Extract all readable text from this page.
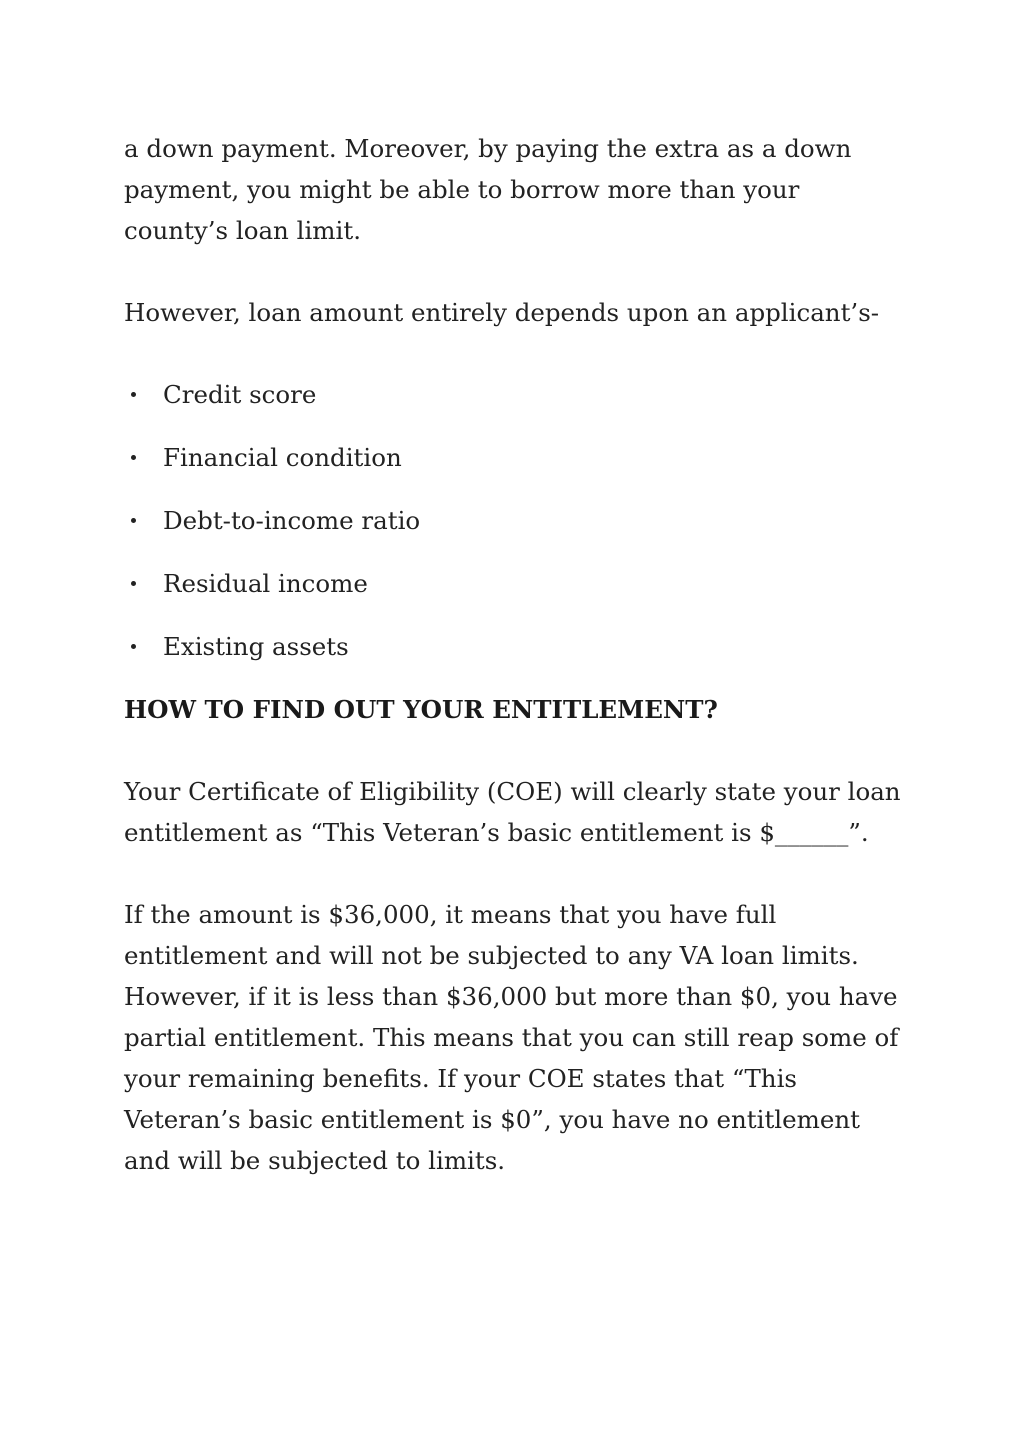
a down payment. Moreover, by paying the extra as a down payment, you might be able to borrow more than your county’s loan limit.

However, loan amount entirely depends upon an applicant’s-

Credit score
Financial condition
Debt-to-income ratio
Residual income
Existing assets
HOW TO FIND OUT YOUR ENTITLEMENT?

Your Certificate of Eligibility (COE) will clearly state your loan entitlement as “This Veteran’s basic entitlement is $______”.

If the amount is $36,000, it means that you have full entitlement and will not be subjected to any VA loan limits. However, if it is less than $36,000 but more than $0, you have partial entitlement. This means that you can still reap some of your remaining benefits. If your COE states that “This Veteran’s basic entitlement is $0”, you have no entitlement and will be subjected to limits.
